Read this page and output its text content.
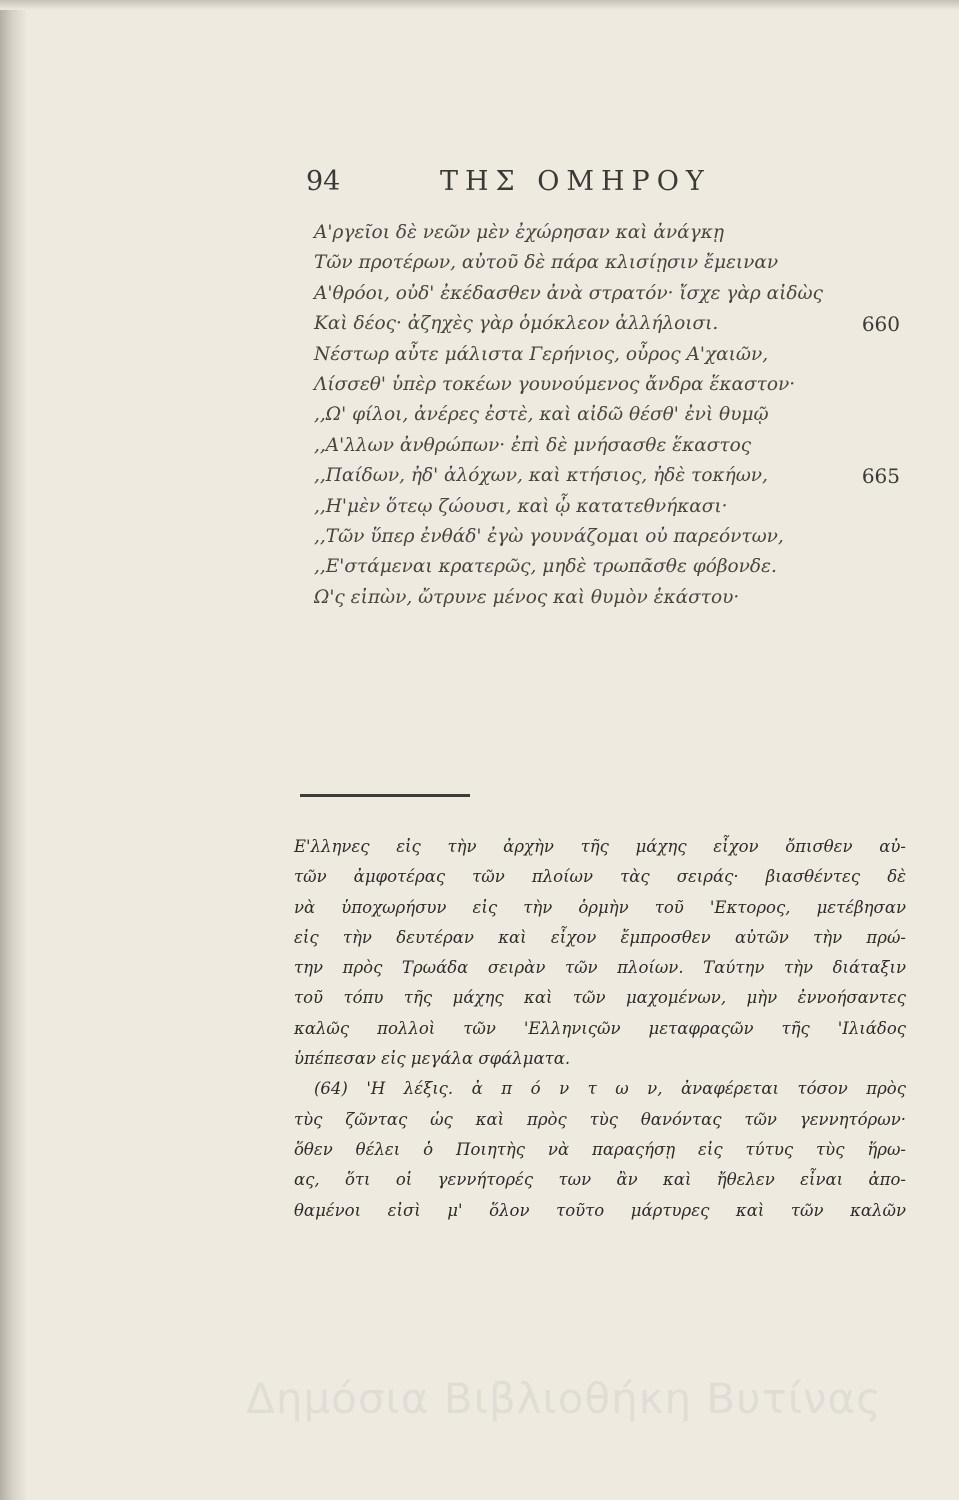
94	ΤΗΣ ΟΜΗΡΟΥ
Α'ργεῖοι δὲ νεῶν μὲν ἐχώρησαν καὶ ἀνάγκῃ
Τῶν προτέρων, αὐτοῦ δὲ πάρα κλισίῃσιν ἔμειναν
Α'θρόοι, οὐδ' ἐκέδασθεν ἀνὰ στρατόν· ἴσχε γὰρ αἰδὼς
Καὶ δέος· ἀζηχὲς γὰρ ὁμόκλεον ἀλλήλοισι.	660
Νέστωρ αὖτε μάλιστα Γερήνιος, οὖρος Α'χαιῶν,
Λίσσεθ' ὑπὲρ τοκέων γουνούμενος ἄνδρα ἕκαστον·
,,Ω' φίλοι, ἀνέρες ἐστὲ, καὶ αἰδῶ θέσθ' ἐνὶ θυμῷ
,,Α'λλων ἀνθρώπων· ἐπὶ δὲ μνήσασθε ἕκαστος
,,Παίδων, ἠδ' ἀλόχων, καὶ κτήσιος, ἠδὲ τοκήων,	665
,,Η'μὲν ὅτεῳ ζώουσι, καὶ ᾧ κατατεθνήκασι·
,,Τῶν ὕπερ ἐνθάδ' ἐγὼ γουνάζομαι οὐ παρεόντων,
,,Ε'στάμεναι κρατερῶς, μηδὲ τρωπᾶσθε φόβονδε.
Ω'ς εἰπὼν, ὤτρυνε μένος καὶ θυμὸν ἑκάστου·
Ε'λληνες εἰς τὴν ἀρχὴν τῆς μάχης εἶχον ὄπισθεν αὐ-
τῶν ἀμφοτέρας τῶν πλοίων τὰς σειράς· βιασθέντες δὲ
νὰ ὑποχωρήσυν εἰς τὴν ὁρμὴν τοῦ 'Εκτορος, μετέβησαν
εἰς τὴν δευτέραν καὶ εἶχον ἔμπροσθεν αὐτῶν τὴν πρώ-
την πρὸς Τρωάδα σειρὰν τῶν πλοίων. Ταύτην τὴν διάταξιν
τοῦ τόπυ τῆς μάχης καὶ τῶν μαχομένων, μὴν ἐννοήσαντες
καλῶς πολλοὶ τῶν 'Ελληνιςῶν μεταφραςῶν τῆς 'Ιλιάδος
ὑπέπεσαν εἰς μεγάλα σφάλματα.
(64) 'Η λέξις. ἀ π ό ν τ ω ν, ἀναφέρεται τόσον πρὸς
τὺς ζῶντας ὡς καὶ πρὸς τὺς θανόντας τῶν γεννητόρων·
ὅθεν θέλει ὁ Ποιητὴς νὰ παραςήσῃ εἰς τύτυς τὺς ἥρω-
ας, ὅτι οἱ γεννήτορές των ἂν καὶ ἤθελεν εἶναι ἀπο-
θαμένοι εἰσὶ μ' ὅλον τοῦτο μάρτυρες καὶ τῶν καλῶν
Δημόσια Βιβλιοθήκη Βυτίνας
